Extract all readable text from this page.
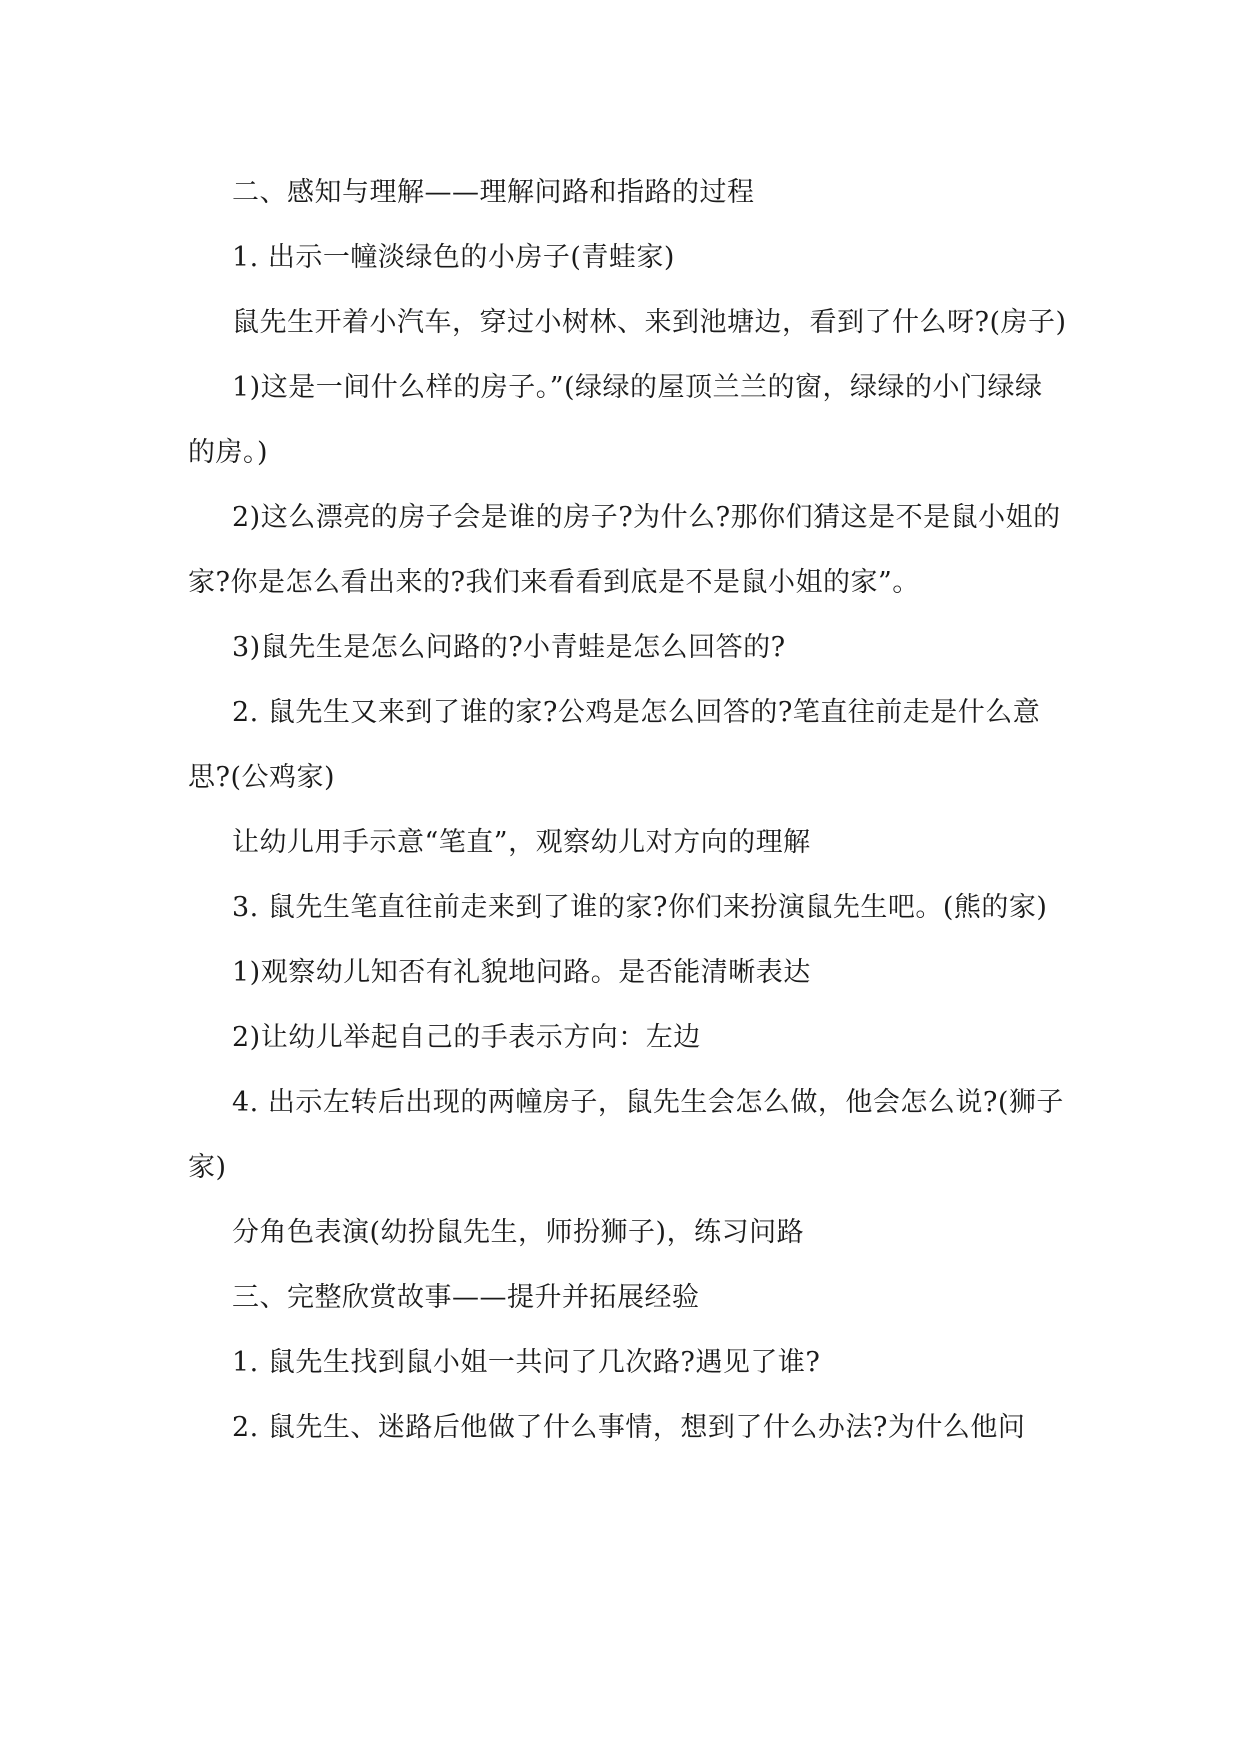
二、感知与理解——理解问路和指路的过程

1. 出示一幢淡绿色的小房子(青蛙家)

鼠先生开着小汽车，穿过小树林、来到池塘边，看到了什么呀?(房子)

1)这是一间什么样的房子。”(绿绿的屋顶兰兰的窗，绿绿的小门绿绿的房。)

2)这么漂亮的房子会是谁的房子?为什么?那你们猜这是不是鼠小姐的家?你是怎么看出来的?我们来看看到底是不是鼠小姐的家”。

3)鼠先生是怎么问路的?小青蛙是怎么回答的?

2. 鼠先生又来到了谁的家?公鸡是怎么回答的?笔直往前走是什么意思?(公鸡家)

让幼儿用手示意“笔直”，观察幼儿对方向的理解

3. 鼠先生笔直往前走来到了谁的家?你们来扮演鼠先生吧。(熊的家)

1)观察幼儿知否有礼貌地问路。是否能清晰表达

2)让幼儿举起自己的手表示方向：左边

4. 出示左转后出现的两幢房子，鼠先生会怎么做，他会怎么说?(狮子家)

分角色表演(幼扮鼠先生，师扮狮子)，练习问路

三、完整欣赏故事——提升并拓展经验

1. 鼠先生找到鼠小姐一共问了几次路?遇见了谁?

2. 鼠先生、迷路后他做了什么事情，想到了什么办法?为什么他问
